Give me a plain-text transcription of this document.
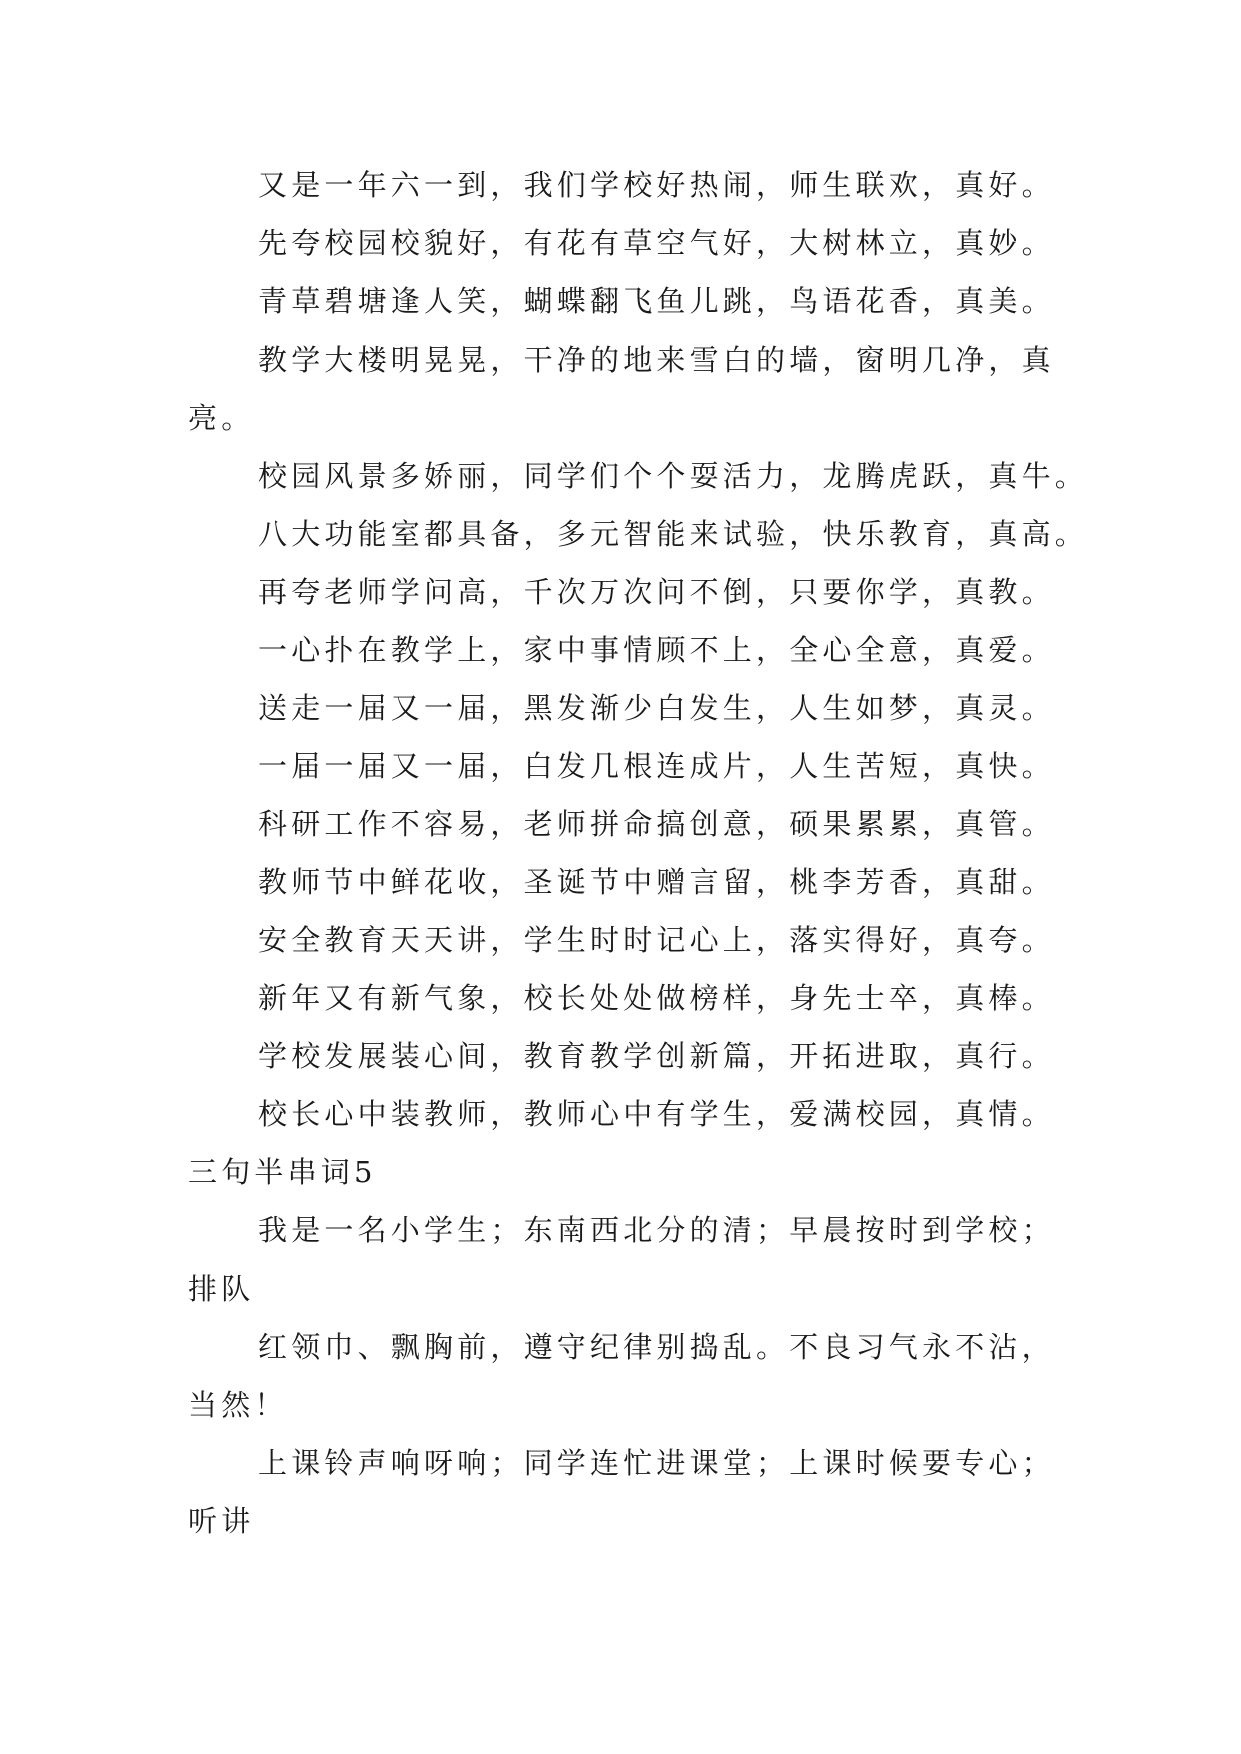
又是一年六一到，我们学校好热闹，师生联欢，真好。
先夸校园校貌好，有花有草空气好，大树林立，真妙。
青草碧塘逢人笑，蝴蝶翻飞鱼儿跳，鸟语花香，真美。
教学大楼明晃晃，干净的地来雪白的墙，窗明几净，真
亮。
校园风景多娇丽，同学们个个耍活力，龙腾虎跃，真牛。
八大功能室都具备，多元智能来试验，快乐教育，真高。
再夸老师学问高，千次万次问不倒，只要你学，真教。
一心扑在教学上，家中事情顾不上，全心全意，真爱。
送走一届又一届，黑发渐少白发生，人生如梦，真灵。
一届一届又一届，白发几根连成片，人生苦短，真快。
科研工作不容易，老师拼命搞创意，硕果累累，真管。
教师节中鲜花收，圣诞节中赠言留，桃李芳香，真甜。
安全教育天天讲，学生时时记心上，落实得好，真夸。
新年又有新气象，校长处处做榜样，身先士卒，真棒。
学校发展装心间，教育教学创新篇，开拓进取，真行。
校长心中装教师，教师心中有学生，爱满校园，真情。
三句半串词5
我是一名小学生；东南西北分的清；早晨按时到学校；
排队
红领巾、飘胸前，遵守纪律别捣乱。不良习气永不沾，
当然！
上课铃声响呀响；同学连忙进课堂；上课时候要专心；
听讲
